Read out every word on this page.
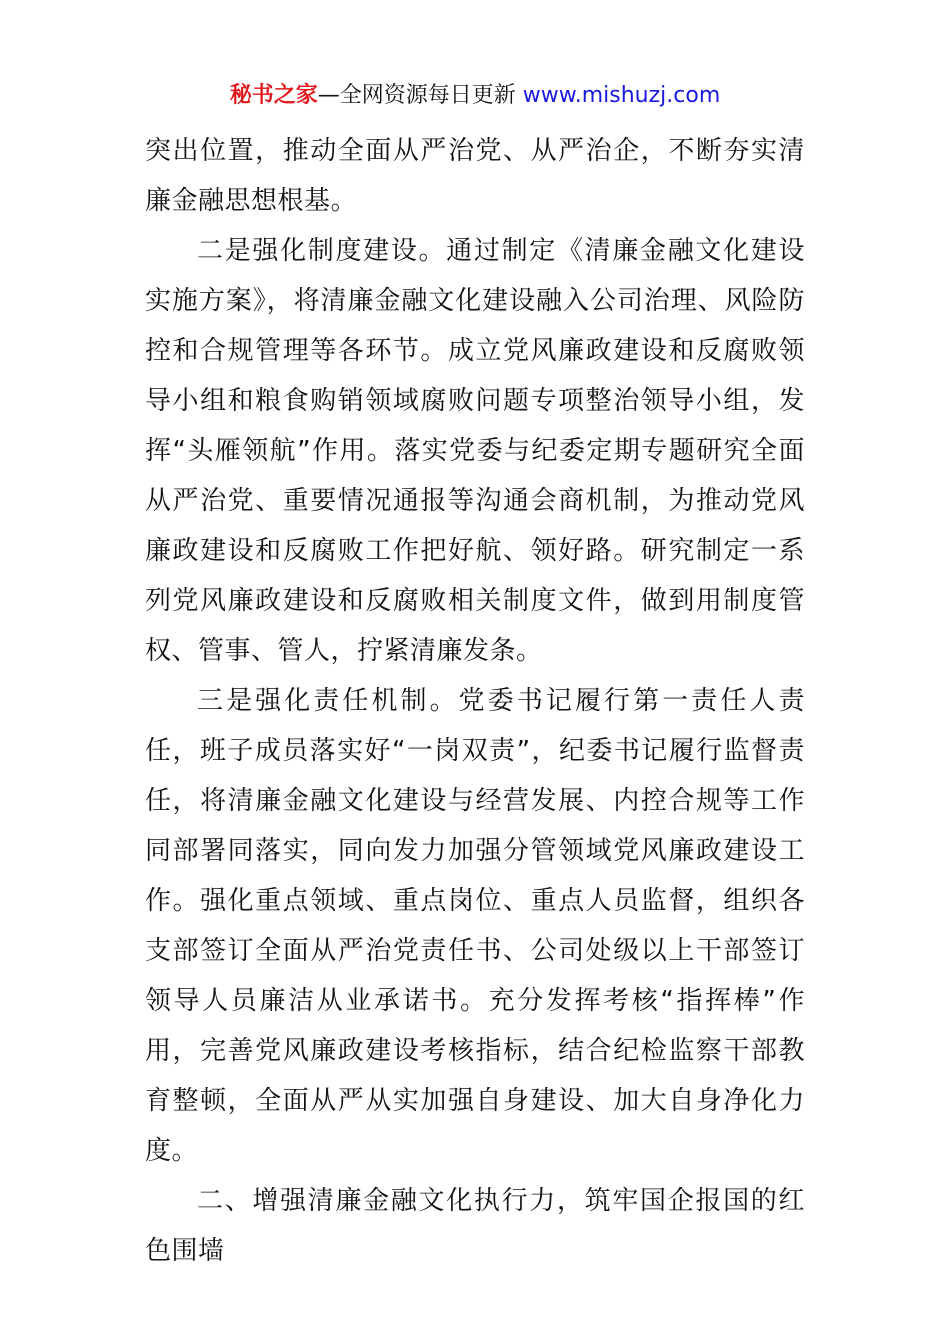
秘书之家—全网资源每日更新 www.mishuzj.com

突出位置，推动全面从严治党、从严治企，不断夯实清廉金融思想根基。

二是强化制度建设。通过制定《清廉金融文化建设实施方案》，将清廉金融文化建设融入公司治理、风险防控和合规管理等各环节。成立党风廉政建设和反腐败领导小组和粮食购销领域腐败问题专项整治领导小组，发挥“头雁领航”作用。落实党委与纪委定期专题研究全面从严治党、重要情况通报等沟通会商机制，为推动党风廉政建设和反腐败工作把好航、领好路。研究制定一系列党风廉政建设和反腐败相关制度文件，做到用制度管权、管事、管人，拧紧清廉发条。

三是强化责任机制。党委书记履行第一责任人责任，班子成员落实好“一岗双责”，纪委书记履行监督责任，将清廉金融文化建设与经营发展、内控合规等工作同部署同落实，同向发力加强分管领域党风廉政建设工作。强化重点领域、重点岗位、重点人员监督，组织各支部签订全面从严治党责任书、公司处级以上干部签订领导人员廉洁从业承诺书。充分发挥考核“指挥棒”作用，完善党风廉政建设考核指标，结合纪检监察干部教育整顿，全面从严从实加强自身建设、加大自身净化力度。

二、增强清廉金融文化执行力，筑牢国企报国的红色围墙
